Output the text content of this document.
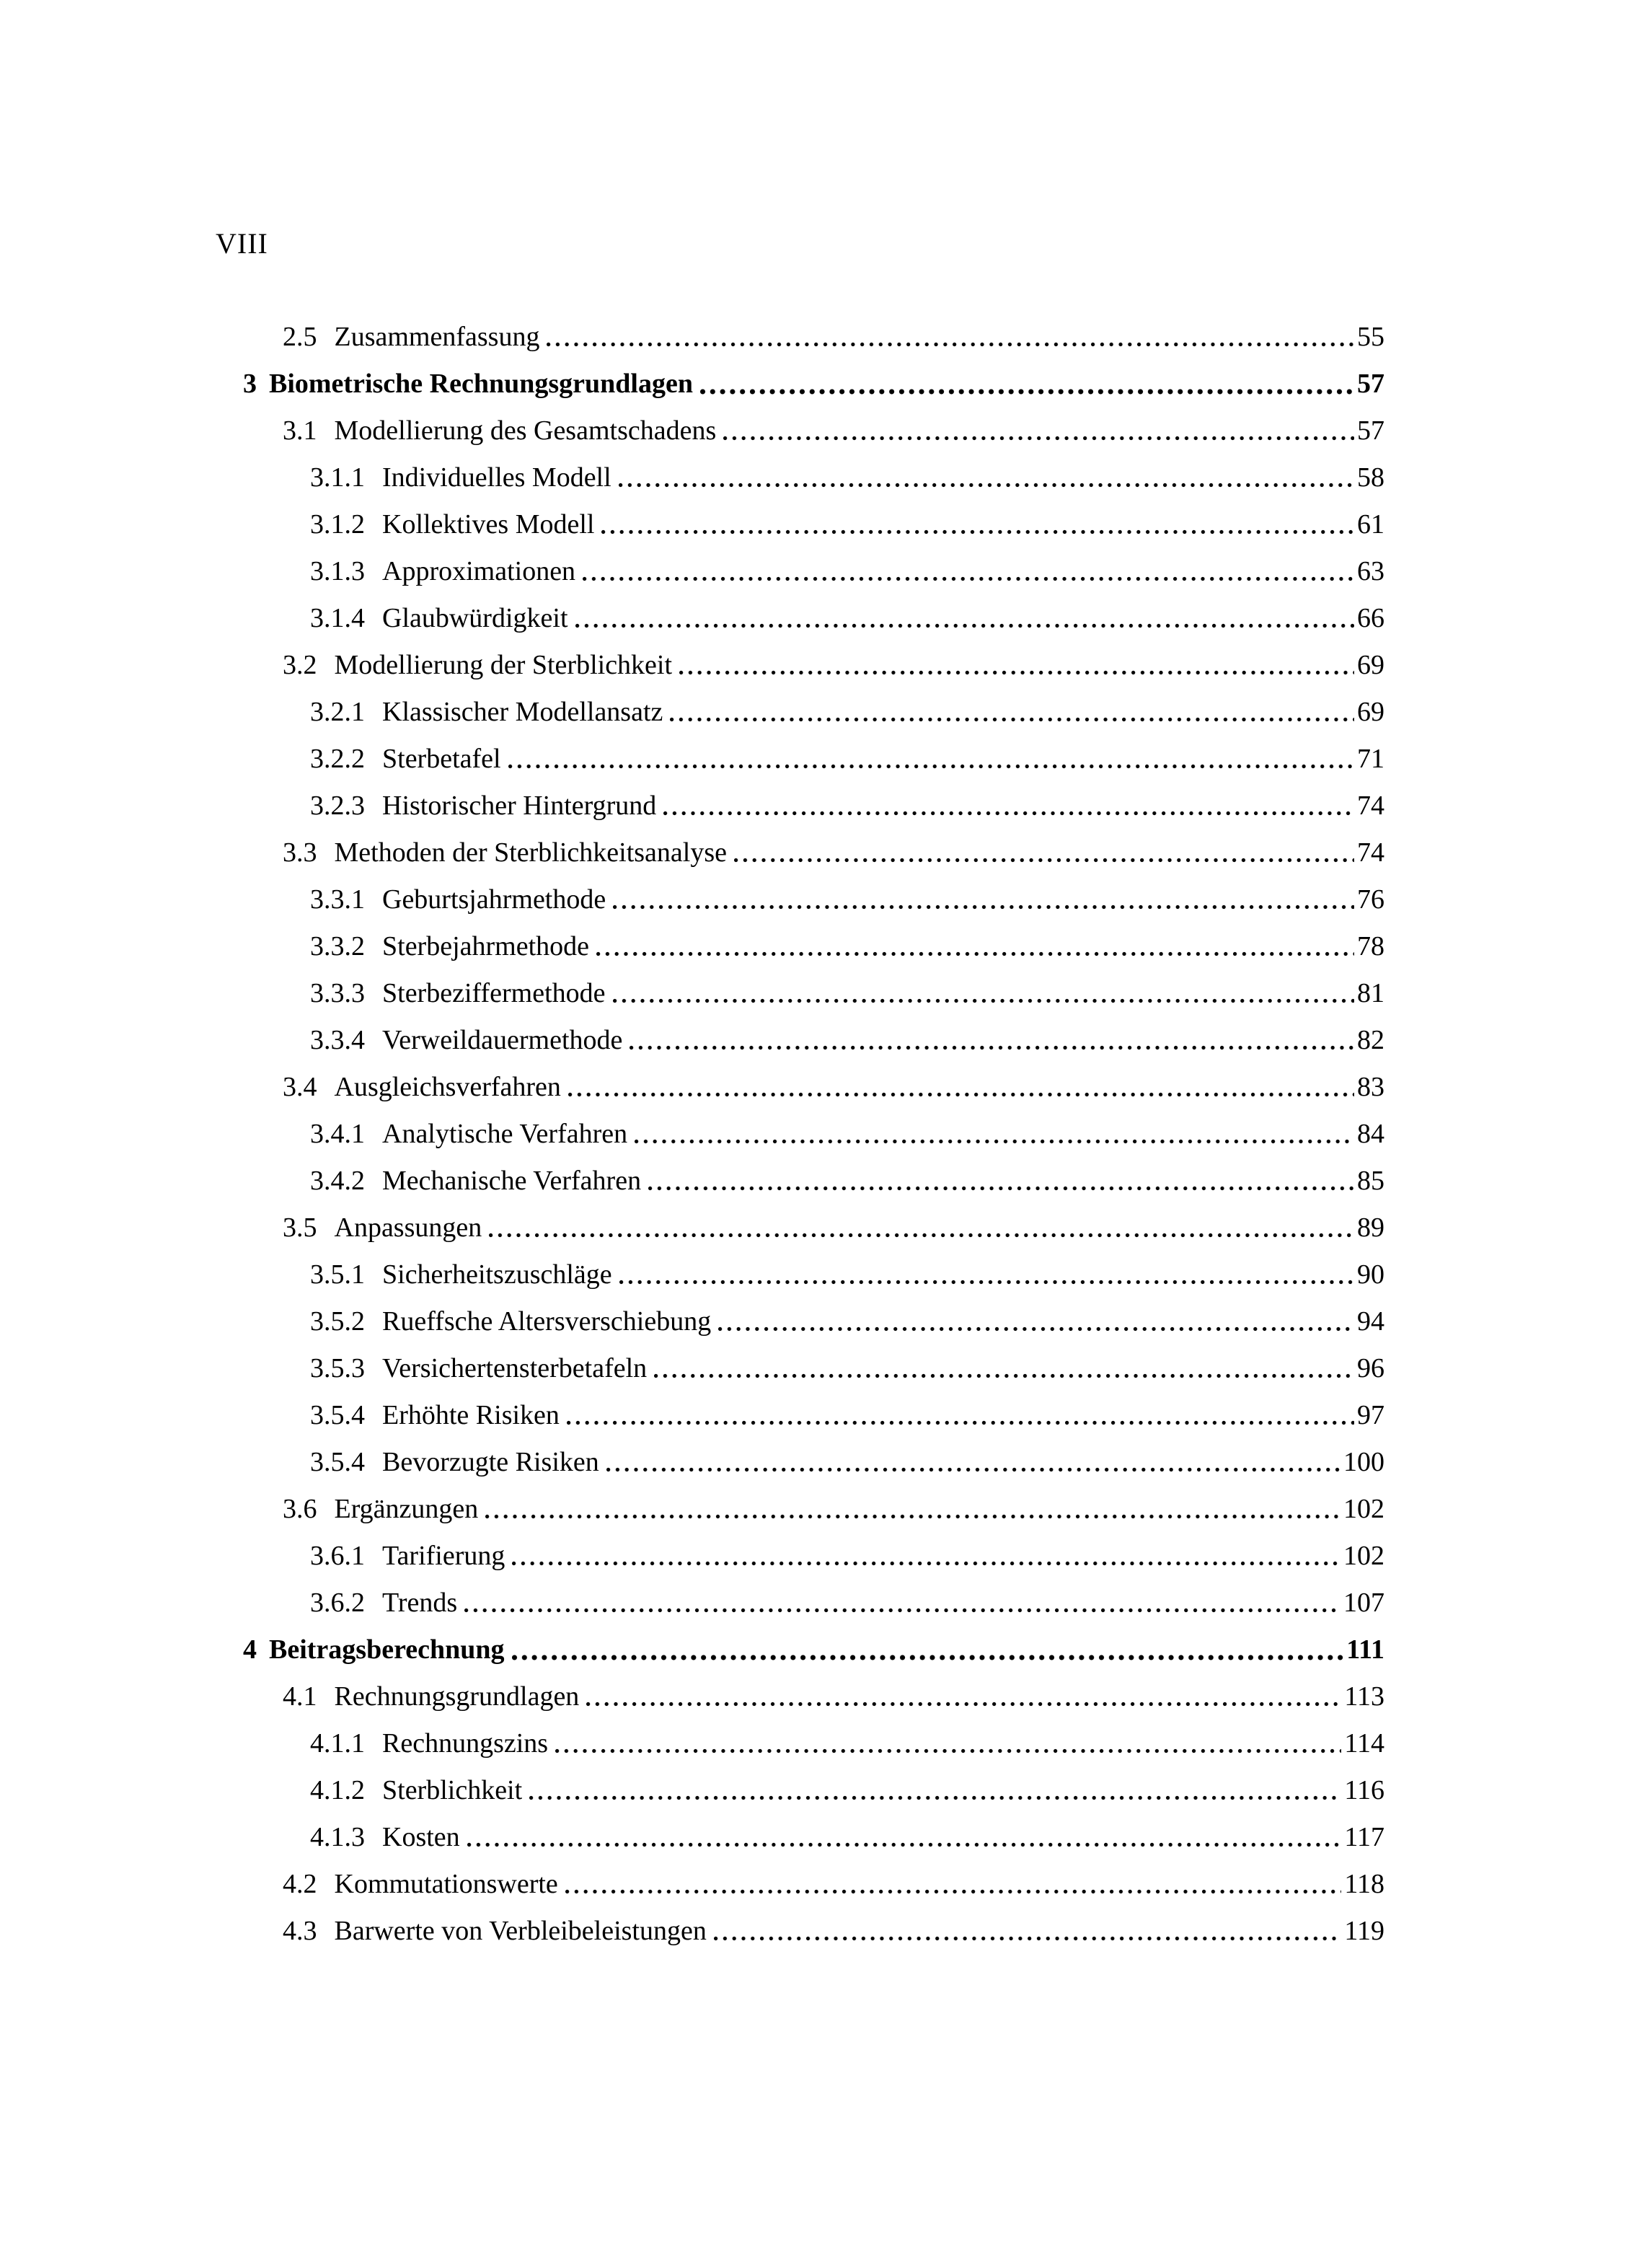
VIII
2.5 Zusammenfassung	55
3 Biometrische Rechnungsgrundlagen	57
3.1 Modellierung des Gesamtschadens	57
3.1.1 Individuelles Modell	58
3.1.2 Kollektives Modell	61
3.1.3 Approximationen	63
3.1.4 Glaubwürdigkeit	66
3.2 Modellierung der Sterblichkeit	69
3.2.1 Klassischer Modellansatz	69
3.2.2 Sterbetafel	71
3.2.3 Historischer Hintergrund	74
3.3 Methoden der Sterblichkeitsanalyse	74
3.3.1 Geburtsjahrmethode	76
3.3.2 Sterbejahrmethode	78
3.3.3 Sterbeziffermethode	81
3.3.4 Verweildauermethode	82
3.4 Ausgleichsverfahren	83
3.4.1 Analytische Verfahren	84
3.4.2 Mechanische Verfahren	85
3.5 Anpassungen	89
3.5.1 Sicherheitszuschläge	90
3.5.2 Rueffsche Altersverschiebung	94
3.5.3 Versichertensterbetafeln	96
3.5.4 Erhöhte Risiken	97
3.5.4 Bevorzugte Risiken	100
3.6 Ergänzungen	102
3.6.1 Tarifierung	102
3.6.2 Trends	107
4 Beitragsberechnung	111
4.1 Rechnungsgrundlagen	113
4.1.1 Rechnungszins	114
4.1.2 Sterblichkeit	116
4.1.3 Kosten	117
4.2 Kommutationswerte	118
4.3 Barwerte von Verbleibeleistungen	119
